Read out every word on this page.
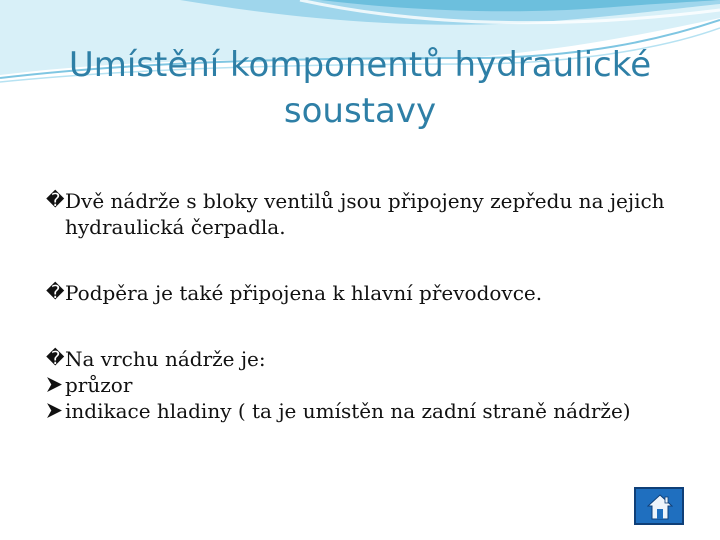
Umístění komponentů hydraulické
soustavy

� Dvě nádrže s bloky ventilů jsou připojeny zepředu na jejich hydraulická čerpadla.

� Podpěra je také připojena k hlavní převodovce.

� Na vrchu nádrže je:

průzor

indikace hladiny ( ta je umístěn na zadní straně nádrže)
